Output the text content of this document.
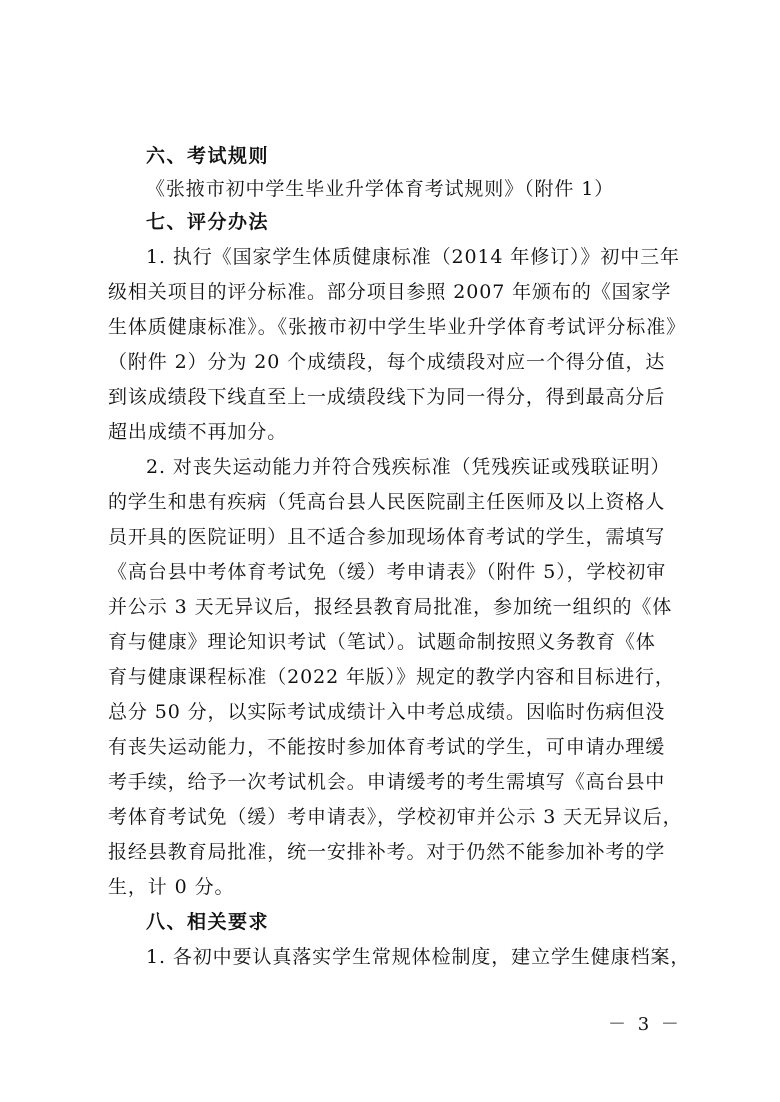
六、考试规则
《张掖市初中学生毕业升学体育考试规则》（附件 1）
七、评分办法
1. 执行《国家学生体质健康标准（2014 年修订）》初中三年
级相关项目的评分标准。部分项目参照 2007 年颁布的《国家学
生体质健康标准》。《张掖市初中学生毕业升学体育考试评分标准》
（附件 2）分为 20 个成绩段，每个成绩段对应一个得分值，达
到该成绩段下线直至上一成绩段线下为同一得分，得到最高分后
超出成绩不再加分。
2. 对丧失运动能力并符合残疾标准（凭残疾证或残联证明）
的学生和患有疾病（凭高台县人民医院副主任医师及以上资格人
员开具的医院证明）且不适合参加现场体育考试的学生，需填写
《高台县中考体育考试免（缓）考申请表》（附件 5），学校初审
并公示 3 天无异议后，报经县教育局批准，参加统一组织的《体
育与健康》理论知识考试（笔试）。试题命制按照义务教育《体
育与健康课程标准（2022 年版）》规定的教学内容和目标进行，
总分 50 分，以实际考试成绩计入中考总成绩。因临时伤病但没
有丧失运动能力，不能按时参加体育考试的学生，可申请办理缓
考手续，给予一次考试机会。申请缓考的考生需填写《高台县中
考体育考试免（缓）考申请表》，学校初审并公示 3 天无异议后，
报经县教育局批准，统一安排补考。对于仍然不能参加补考的学
生，计 0 分。
八、相关要求
1. 各初中要认真落实学生常规体检制度，建立学生健康档案，
－ 3 －
